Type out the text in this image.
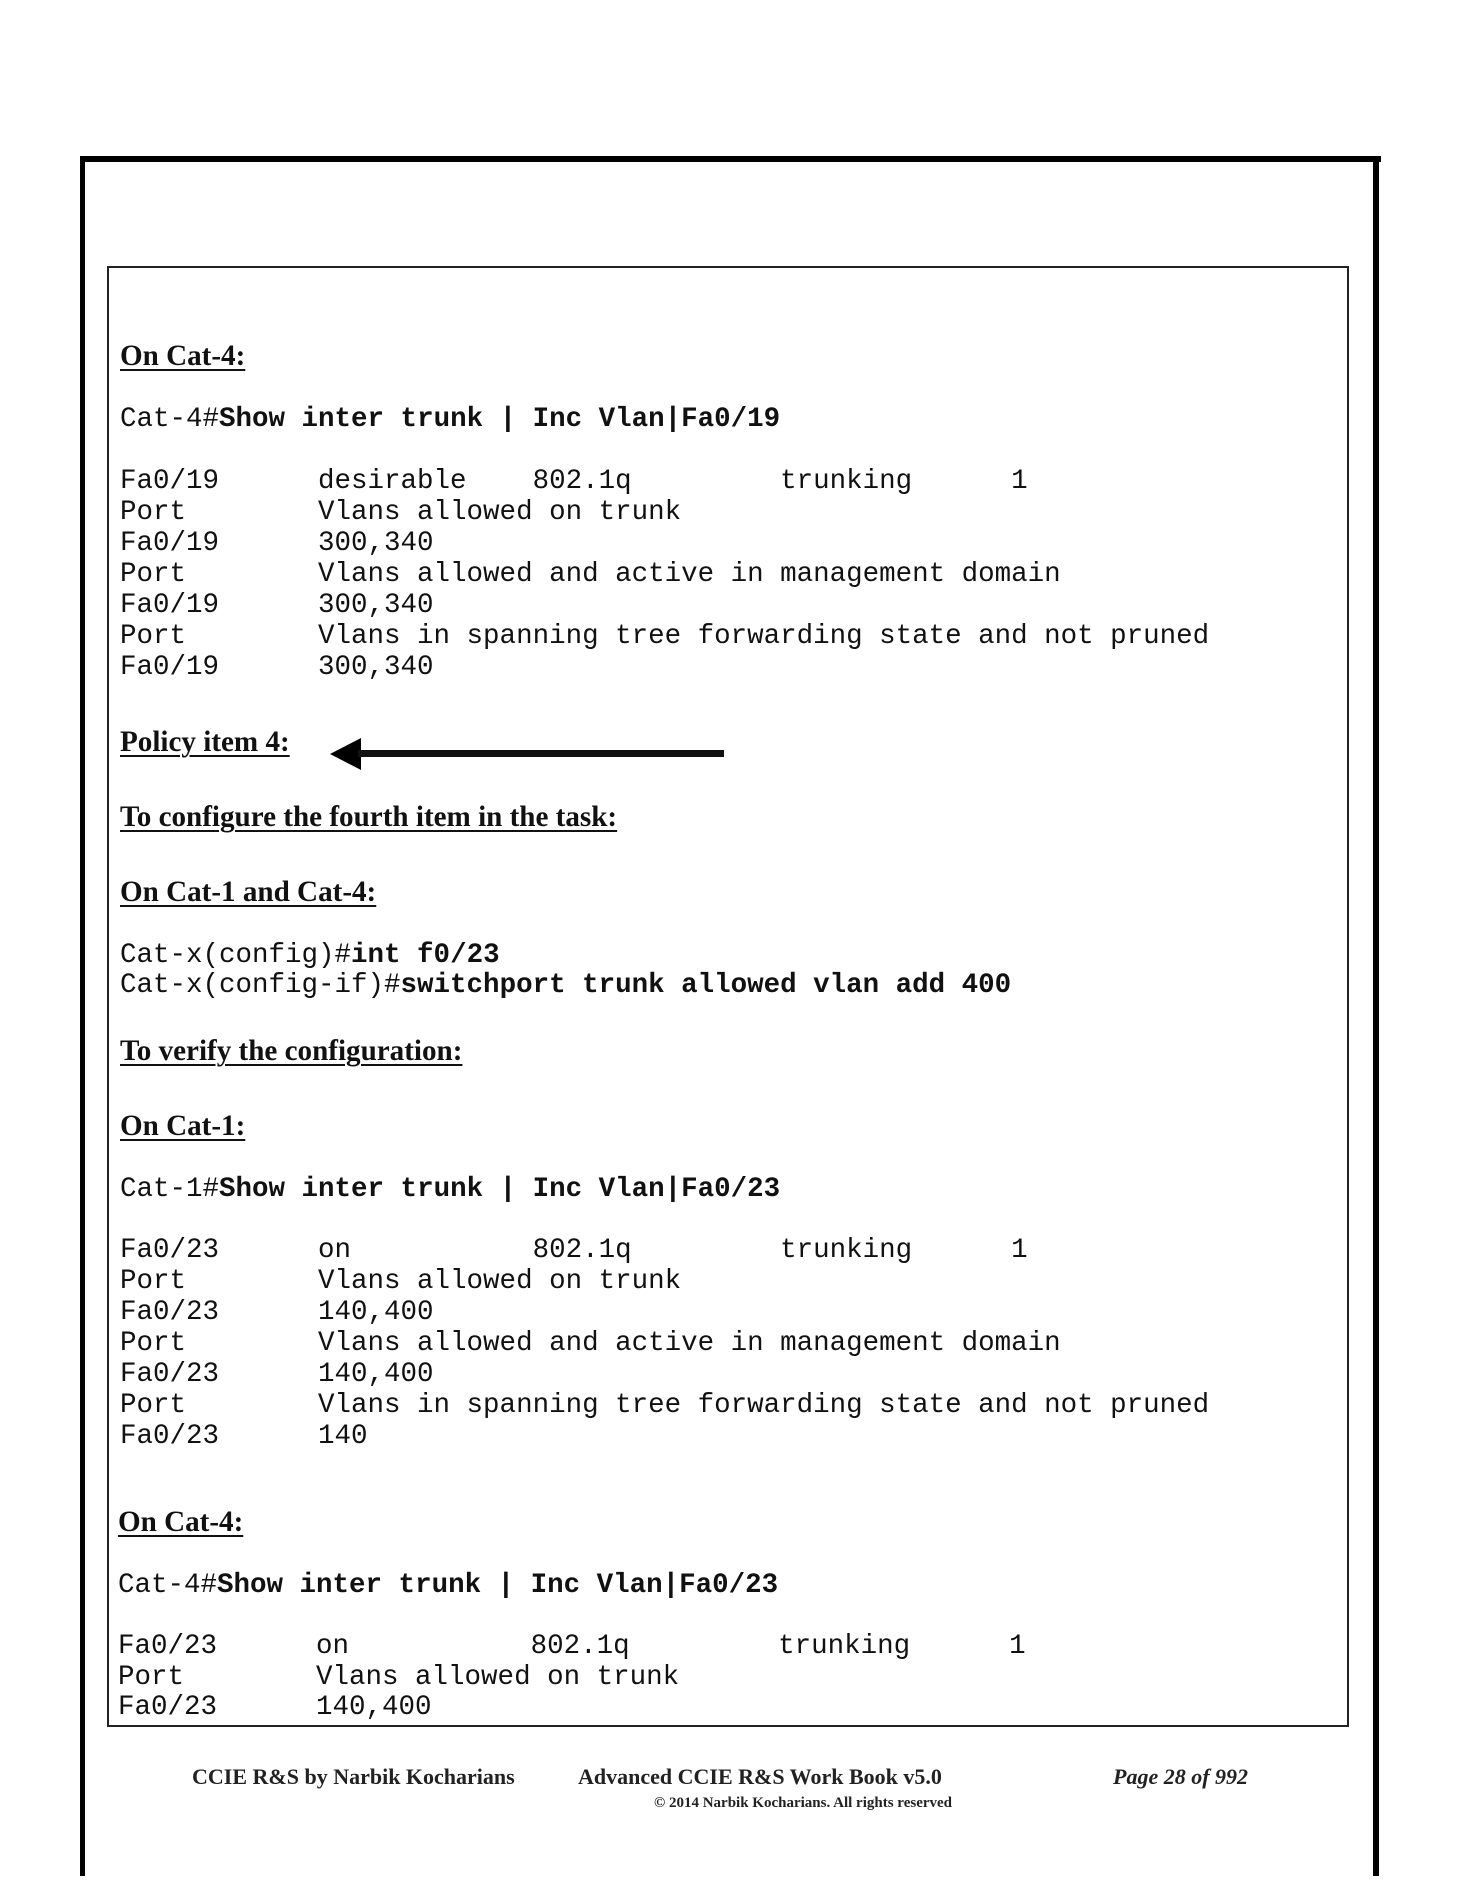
On Cat-4:
Cat-4#Show inter trunk | Inc Vlan|Fa0/19
Fa0/19      desirable    802.1q         trunking      1
Port        Vlans allowed on trunk
Fa0/19      300,340
Port        Vlans allowed and active in management domain
Fa0/19      300,340
Port        Vlans in spanning tree forwarding state and not pruned
Fa0/19      300,340
Policy item 4:
To configure the fourth item in the task:
On Cat-1 and Cat-4:
Cat-x(config)#int f0/23
Cat-x(config-if)#switchport trunk allowed vlan add 400
To verify the configuration:
On Cat-1:
Cat-1#Show inter trunk | Inc Vlan|Fa0/23
Fa0/23      on           802.1q         trunking      1
Port        Vlans allowed on trunk
Fa0/23      140,400
Port        Vlans allowed and active in management domain
Fa0/23      140,400
Port        Vlans in spanning tree forwarding state and not pruned
Fa0/23      140
On Cat-4:
Cat-4#Show inter trunk | Inc Vlan|Fa0/23
Fa0/23      on           802.1q         trunking      1
Port        Vlans allowed on trunk
Fa0/23      140,400
CCIE R&S by Narbik Kocharians	Advanced CCIE R&S Work Book v5.0
© 2014 Narbik Kocharians. All rights reserved
Page 28 of 992
